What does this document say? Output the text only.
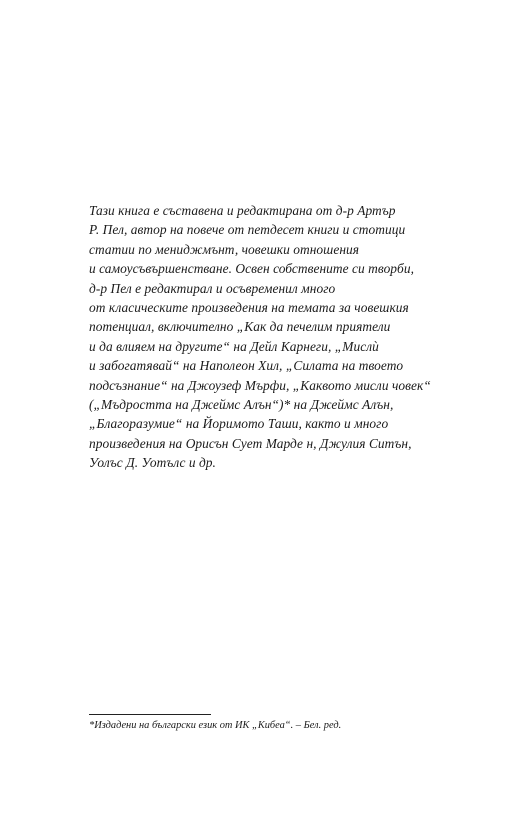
Тази книга е съставена и редактирана от д-р Артър
Р. Пел, автор на повече от петдесет книги и стотици
статии по мениджмънт, човешки отношения
и самоусъвършенстване. Освен собствените си творби,
д-р Пел е редактирал и осъвременил много
от класическите произведения на темата за човешкия
потенциал, включително „Как да печелим приятели
и да влияем на другите“ на Дейл Карнеги, „Мислѝ
и забогатявай“ на Наполеон Хил, „Силата на твоето
подсъзнание“ на Джоузеф Мърфи, „Каквото мисли човек“
(„Мъдростта на Джеймс Алън“)* на Джеймс Алън,
„Благоразумие“ на Йоримото Таши, както и много
произведения на Орисън Сует Марде н, Джулия Ситън,
Уолъс Д. Уотълс и др.
*Издадени на български език от ИК „Кибеа“. – Бел. ред.
